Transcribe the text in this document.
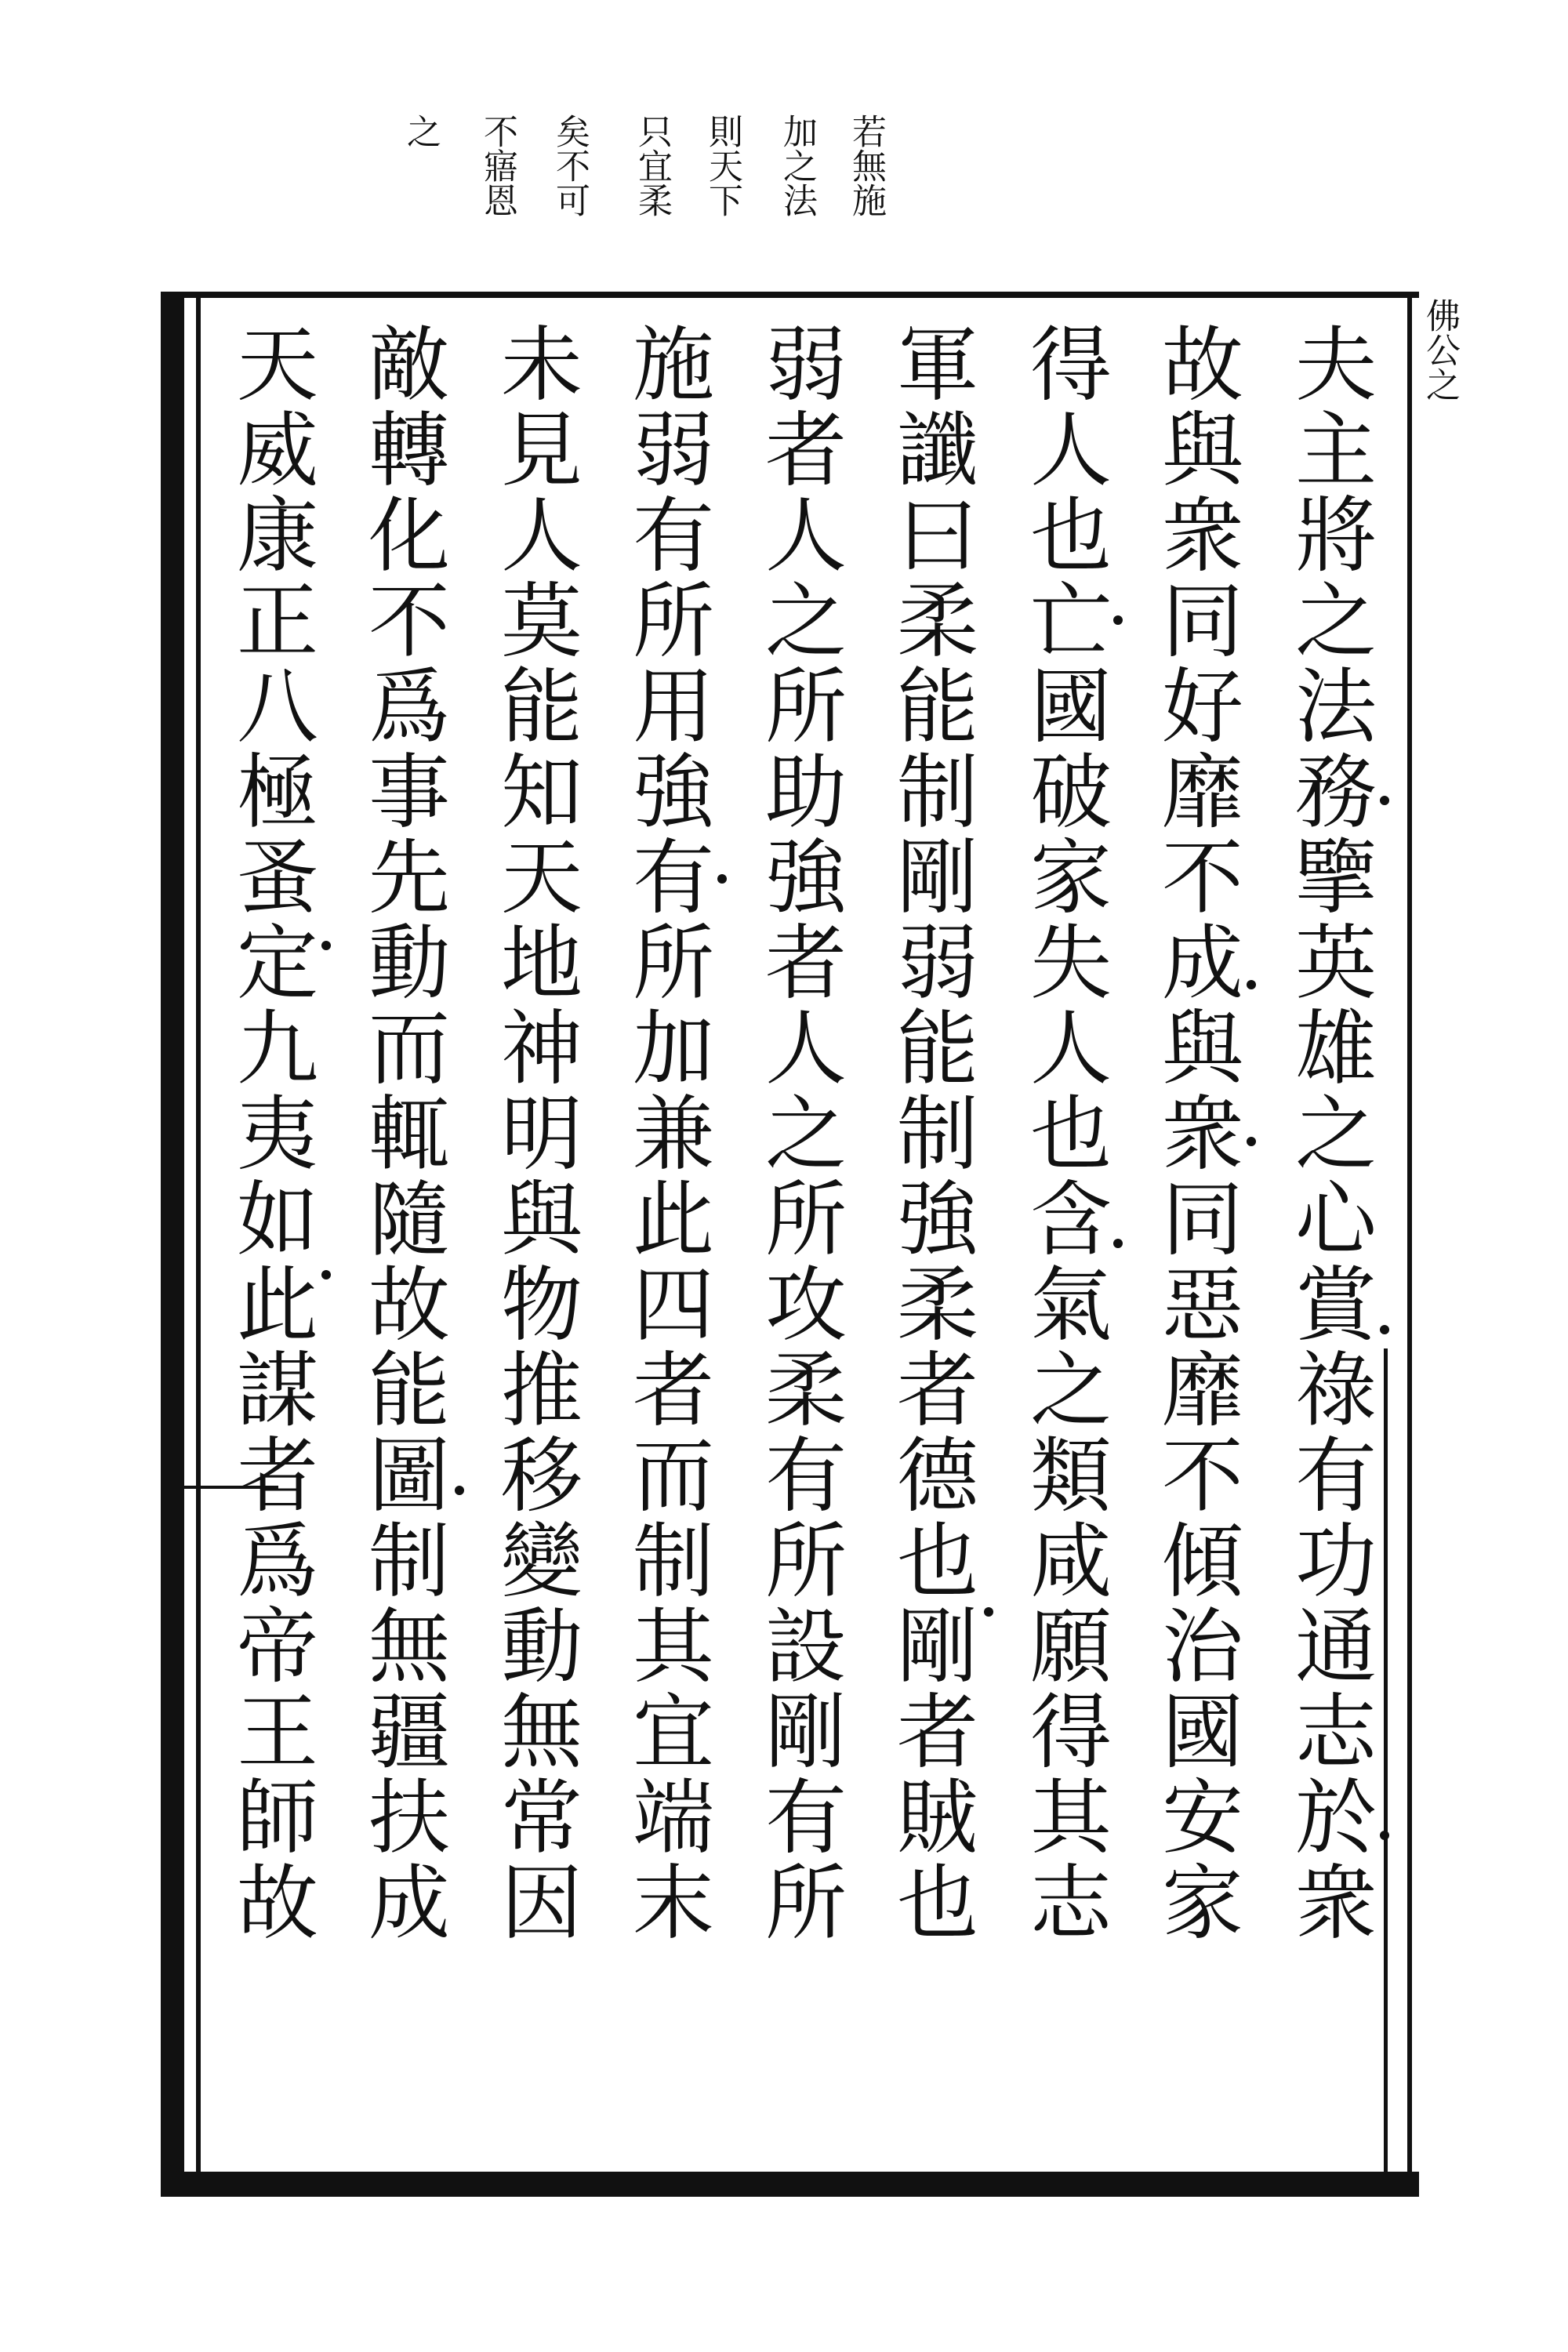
若無施
加之法
則天下
只宜柔
矣不可
不寤恩
之
夫主將之法務擥英雄之心賞祿有功通志於衆
故與衆同好靡不成與衆同惡靡不傾治國安家
得人也亡國破家失人也含氣之類咸願得其志
軍讖曰柔能制剛弱能制強柔者德也剛者賊也
弱者人之所助強者人之所攻柔有所設剛有所
施弱有所用強有所加兼此四者而制其宜端末
未見人莫能知天地神明與物推移變動無常因
敵轉化不爲事先動而輒隨故能圖制無疆扶成
天威康正八極蚤定九夷如此謀者爲帝王師故	佛公之
